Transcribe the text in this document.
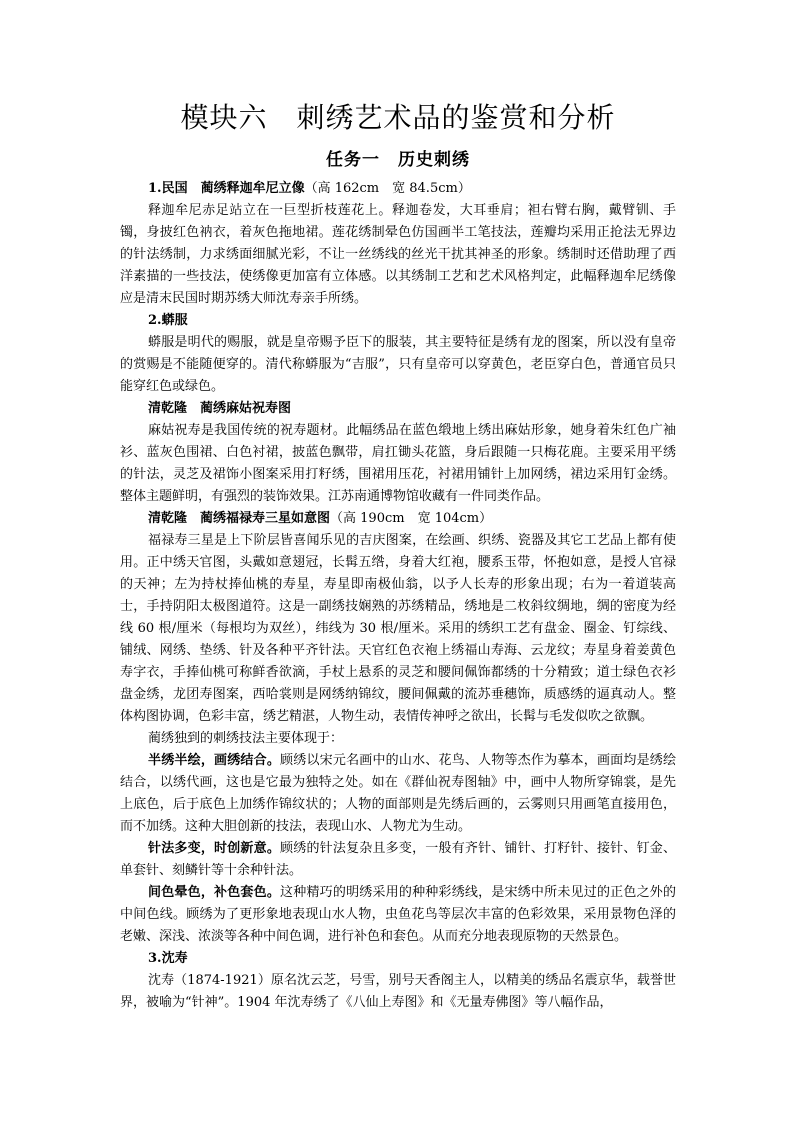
模块六　刺绣艺术品的鉴赏和分析
任务一　历史刺绣
1.民国　蔺绣释迦牟尼立像（高 162cm　宽 84.5cm）

释迦牟尼赤足站立在一巨型折枝莲花上。释迦卷发，大耳垂肩；袒右臂右胸，戴臂钏、手镯，身披红色衲衣，着灰色拖地裙。莲花绣制晕色仿国画半工笔技法，莲瓣均采用正抢法无界边的针法绣制，力求绣面细腻光彩，不让一丝绣线的丝光干扰其神圣的形象。绣制时还借助理了西洋素描的一些技法，使绣像更加富有立体感。以其绣制工艺和艺术风格判定，此幅释迦牟尼绣像应是清末民国时期苏绣大师沈寿亲手所绣。

2.蟒服

蟒服是明代的赐服，就是皇帝赐予臣下的服装，其主要特征是绣有龙的图案，所以没有皇帝的赏赐是不能随便穿的。清代称蟒服为“吉服”，只有皇帝可以穿黄色，老臣穿白色，普通官员只能穿红色或绿色。

清乾隆　蔺绣麻姑祝寿图

麻姑祝寿是我国传统的祝寿题材。此幅绣品在蓝色缎地上绣出麻姑形象，她身着朱红色广袖衫、蓝灰色围裙、白色衬裙，披蓝色飘带，肩扛锄头花篮，身后跟随一只梅花鹿。主要采用平绣的针法，灵芝及裙饰小图案采用打籽绣，围裙用压花，衬裙用铺针上加网绣，裙边采用钉金绣。整体主题鲜明，有强烈的装饰效果。江苏南通博物馆收藏有一件同类作品。

清乾隆　蔺绣福禄寿三星如意图（高 190cm　宽 104cm）

福禄寿三星是上下阶层皆喜闻乐见的吉庆图案，在绘画、织绣、瓷器及其它工艺品上都有使用。正中绣天官图，头戴如意翅冠，长髯五绺，身着大红袍，腰系玉带，怀抱如意，是授人官禄的天神；左为持杖捧仙桃的寿星，寿星即南极仙翁，以予人长寿的形象出现；右为一着道装高士，手持阴阳太极图道符。这是一副绣技娴熟的苏绣精品，绣地是二枚斜纹绸地，绸的密度为经线 60 根/厘米（每根均为双丝），纬线为 30 根/厘米。采用的绣织工艺有盘金、圈金、钉综线、铺绒、网绣、垫绣、针及各种平齐针法。天官红色衣袍上绣福山寿海、云龙纹；寿星身着姜黄色寿字衣，手捧仙桃可称鲜香欲滴，手杖上悬系的灵芝和腰间佩饰都绣的十分精致；道士绿色衣衫盘金绣，龙团寿图案，西哈裳则是网绣纳锦纹，腰间佩戴的流苏垂穗饰，质感绣的逼真动人。整体构图协调，色彩丰富，绣艺精湛，人物生动，表情传神呼之欲出，长髯与毛发似吹之欲飘。

蔺绣独到的刺绣技法主要体现于：

半绣半绘，画绣结合。顾绣以宋元名画中的山水、花鸟、人物等杰作为摹本，画面均是绣绘结合，以绣代画，这也是它最为独特之处。如在《群仙祝寿图轴》中，画中人物所穿锦裳，是先上底色，后于底色上加绣作锦纹状的；人物的面部则是先绣后画的，云雾则只用画笔直接用色，而不加绣。这种大胆创新的技法，表现山水、人物尤为生动。

针法多变，时创新意。顾绣的针法复杂且多变，一般有齐针、铺针、打籽针、接针、钉金、单套针、刻鳞针等十余种针法。

间色晕色，补色套色。这种精巧的明绣采用的种种彩绣线，是宋绣中所未见过的正色之外的中间色线。顾绣为了更形象地表现山水人物，虫鱼花鸟等层次丰富的色彩效果，采用景物色泽的老嫩、深浅、浓淡等各种中间色调，进行补色和套色。从而充分地表现原物的天然景色。

3.沈寿

沈寿（1874-1921）原名沈云芝，号雪，别号天香阁主人，以精美的绣品名震京华，载誉世界，被喻为“针神”。1904 年沈寿绣了《八仙上寿图》和《无量寿佛图》等八幅作品，
